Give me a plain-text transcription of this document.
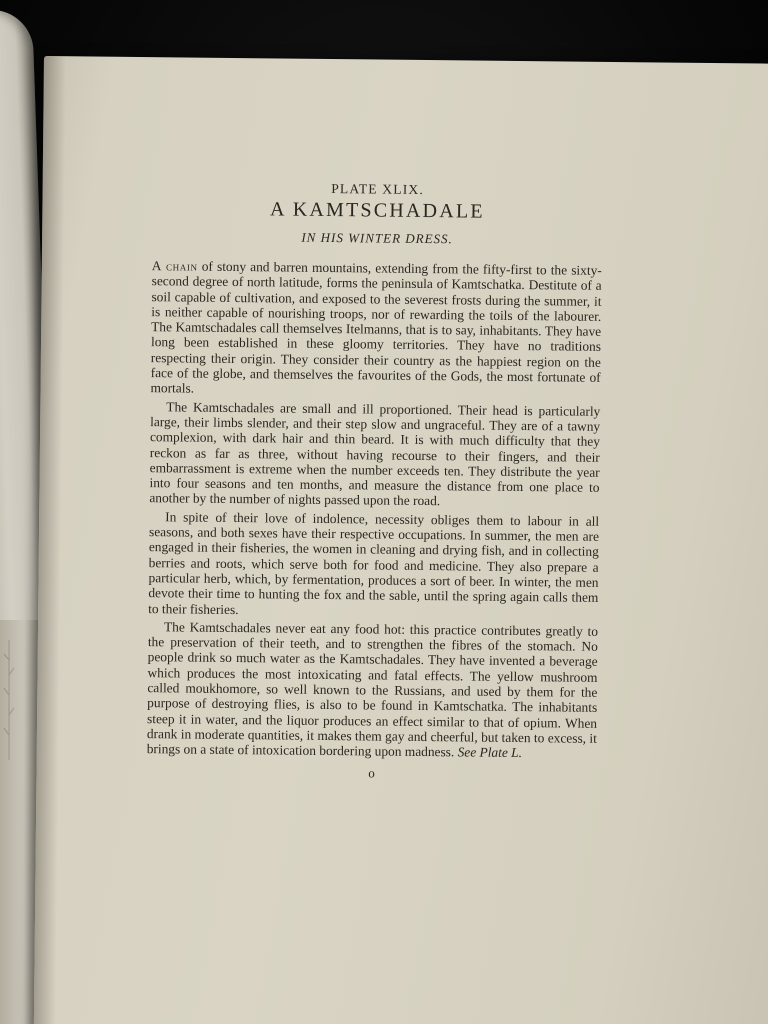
PLATE XLIX.
A KAMTSCHADALE
IN HIS WINTER DRESS.

A chain of stony and barren mountains, extending from the fifty-first to the sixty-second degree of north latitude, forms the peninsula of Kamtschatka. Destitute of a soil capable of cultivation, and exposed to the severest frosts during the summer, it is neither capable of nourishing troops, nor of rewarding the toils of the labourer. The Kamtschadales call themselves Itelmanns, that is to say, inhabitants. They have long been established in these gloomy territories. They have no traditions respecting their origin. They consider their country as the happiest region on the face of the globe, and themselves the favourites of the Gods, the most fortunate of mortals.

The Kamtschadales are small and ill proportioned. Their head is particularly large, their limbs slender, and their step slow and ungraceful. They are of a tawny complexion, with dark hair and thin beard. It is with much difficulty that they reckon as far as three, without having recourse to their fingers, and their embarrassment is extreme when the number exceeds ten. They distribute the year into four seasons and ten months, and measure the distance from one place to another by the number of nights passed upon the road.

In spite of their love of indolence, necessity obliges them to labour in all seasons, and both sexes have their respective occupations. In summer, the men are engaged in their fisheries, the women in cleaning and drying fish, and in collecting berries and roots, which serve both for food and medicine. They also prepare a particular herb, which, by fermentation, produces a sort of beer. In winter, the men devote their time to hunting the fox and the sable, until the spring again calls them to their fisheries.

The Kamtschadales never eat any food hot: this practice contributes greatly to the preservation of their teeth, and to strengthen the fibres of the stomach. No people drink so much water as the Kamtschadales. They have invented a beverage which produces the most intoxicating and fatal effects. The yellow mushroom called moukhomore, so well known to the Russians, and used by them for the purpose of destroying flies, is also to be found in Kamtschatka. The inhabitants steep it in water, and the liquor produces an effect similar to that of opium. When drank in moderate quantities, it makes them gay and cheerful, but taken to excess, it brings on a state of intoxication bordering upon madness. See Plate L.

o
